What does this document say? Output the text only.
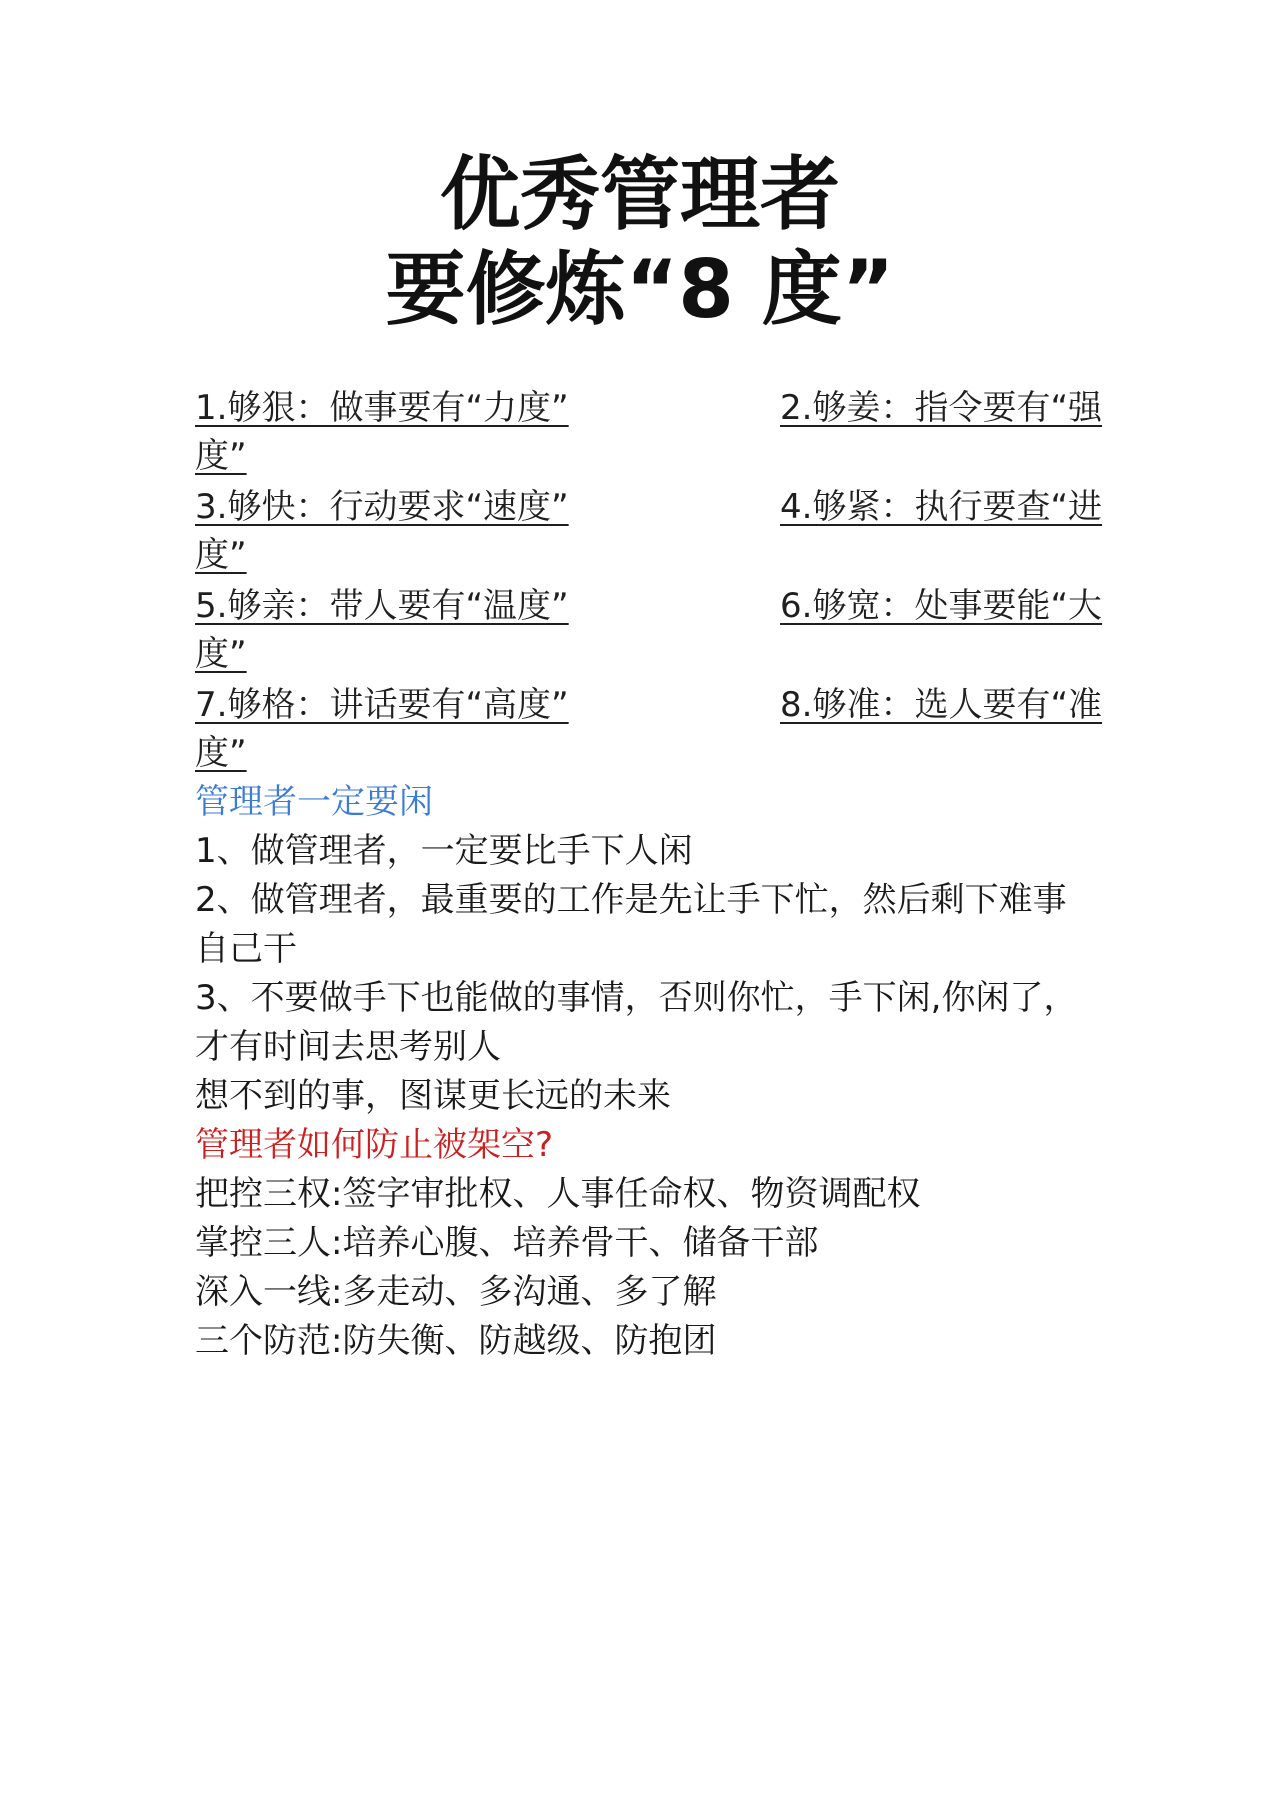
优秀管理者
要修炼“8 度”
1.够狠：做事要有“力度”
度”
2.够姜：指令要有“强
3.够快：行动要求“速度”
度”
4.够紧：执行要查“进
5.够亲：带人要有“温度”
度”
6.够宽：处事要能“大
7.够格：讲话要有“高度”
度”
8.够准：选人要有“准
管理者一定要闲
1、做管理者，一定要比手下人闲
2、做管理者，最重要的工作是先让手下忙，然后剩下难事
自己干
3、不要做手下也能做的事情，否则你忙，手下闲,你闲了，
才有时间去思考别人
想不到的事，图谋更长远的未来
管理者如何防止被架空?
把控三权:签字审批权、人事任命权、物资调配权
掌控三人:培养心腹、培养骨干、储备干部
深入一线:多走动、多沟通、多了解
三个防范:防失衡、防越级、防抱团
